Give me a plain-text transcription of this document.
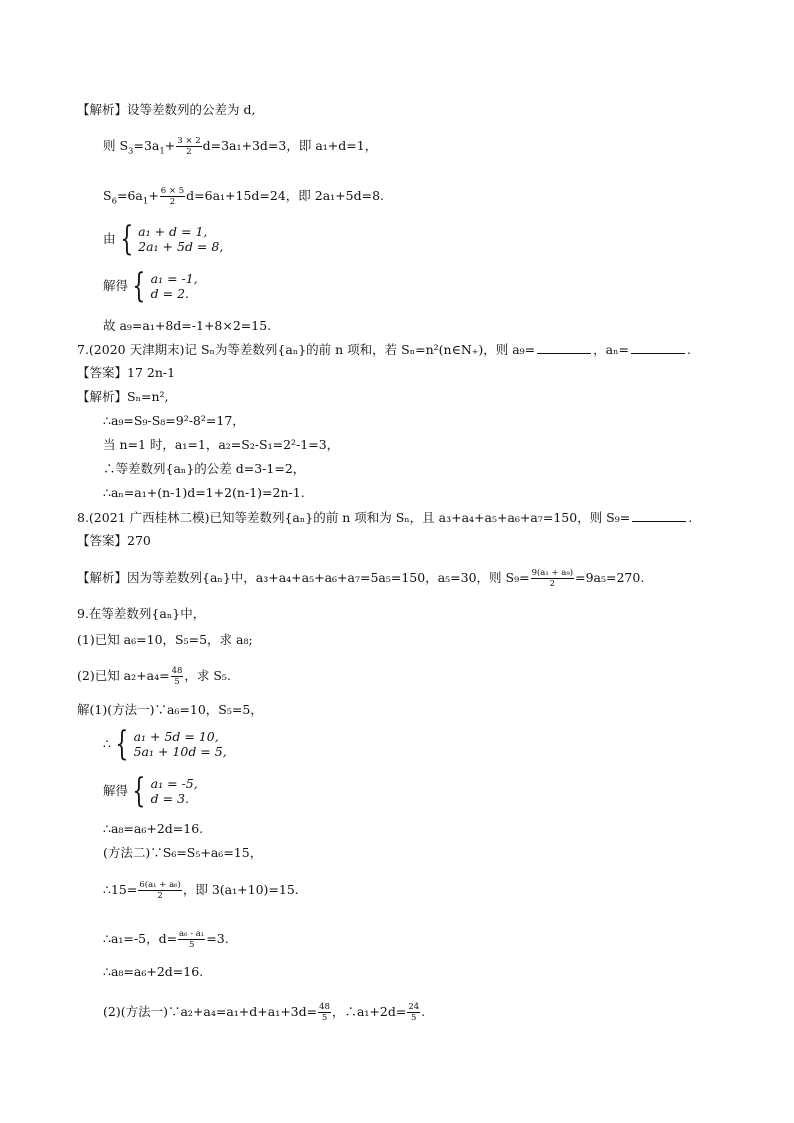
【解析】设等差数列的公差为 d,
则 $S_3=3a_1+ \frac{3 \times 2}{2} d=3a_1+3d=3$，即 a₁+d=1，
$S_6=6a_1+ \frac{6 \times 5}{2} d=6a_1+15d=24$，即 2a₁+5d=8.
由 { a₁ + d = 1,
2a₁ + 5d = 8,
解得 { a₁ = -1,
d = 2.
故 a₉=a₁+8d=-1+8×2=15.
7.(2020 天津期末)记 Sₙ为等差数列{aₙ}的前 n 项和，若 Sₙ=n²(n∈N₊)，则 a₉=	，aₙ=	.
【答案】17 2n-1
【解析】Sₙ=n²,
∴a₉=S₉-S₈=9²-8²=17，
当 n=1 时，a₁=1，a₂=S₂-S₁=2²-1=3，
∴等差数列{aₙ}的公差 d=3-1=2，
∴aₙ=a₁+(n-1)d=1+2(n-1)=2n-1.
8.(2021 广西桂林二模)已知等差数列{aₙ}的前 n 项和为 Sₙ，且 a₃+a₄+a₅+a₆+a₇=150，则 S₉=	.
【答案】270
【解析】因为等差数列{aₙ}中，a₃+a₄+a₅+a₆+a₇=5a₅=150，a₅=30，则 $S_9= \frac{\text{9(a₁ + a₉)}}{2} =9a_5=270$.
9.在等差数列{aₙ}中，
(1)已知 a₆=10，S₅=5，求 a₈;
(2)已知 $a_2+a_4= \frac{48}{5}$ ，求 S₅.
解(1)(方法一)∵a₆=10，S₅=5，
∴ { a₁ + 5d = 10,
5a₁ + 10d = 5,
解得 { a₁ = -5,
d = 3.
∴a₈=a₆+2d=16.
(方法二)∵S₆=S₅+a₆=15，
∴15= $\frac{\text{6(a₁ + a₆)}}{2}$ ，即 3(a₁+10)=15.
∴a₁=-5，$d= \frac{\text{a₆ - a₁}}{5} =3$.
∴a₈=a₆+2d=16.
(2)(方法一)∵a₂+a₄=a₁+d+a₁+3d= $\frac{48}{5}$ ，∴a₁+2d= $\frac{24}{5}$ .
